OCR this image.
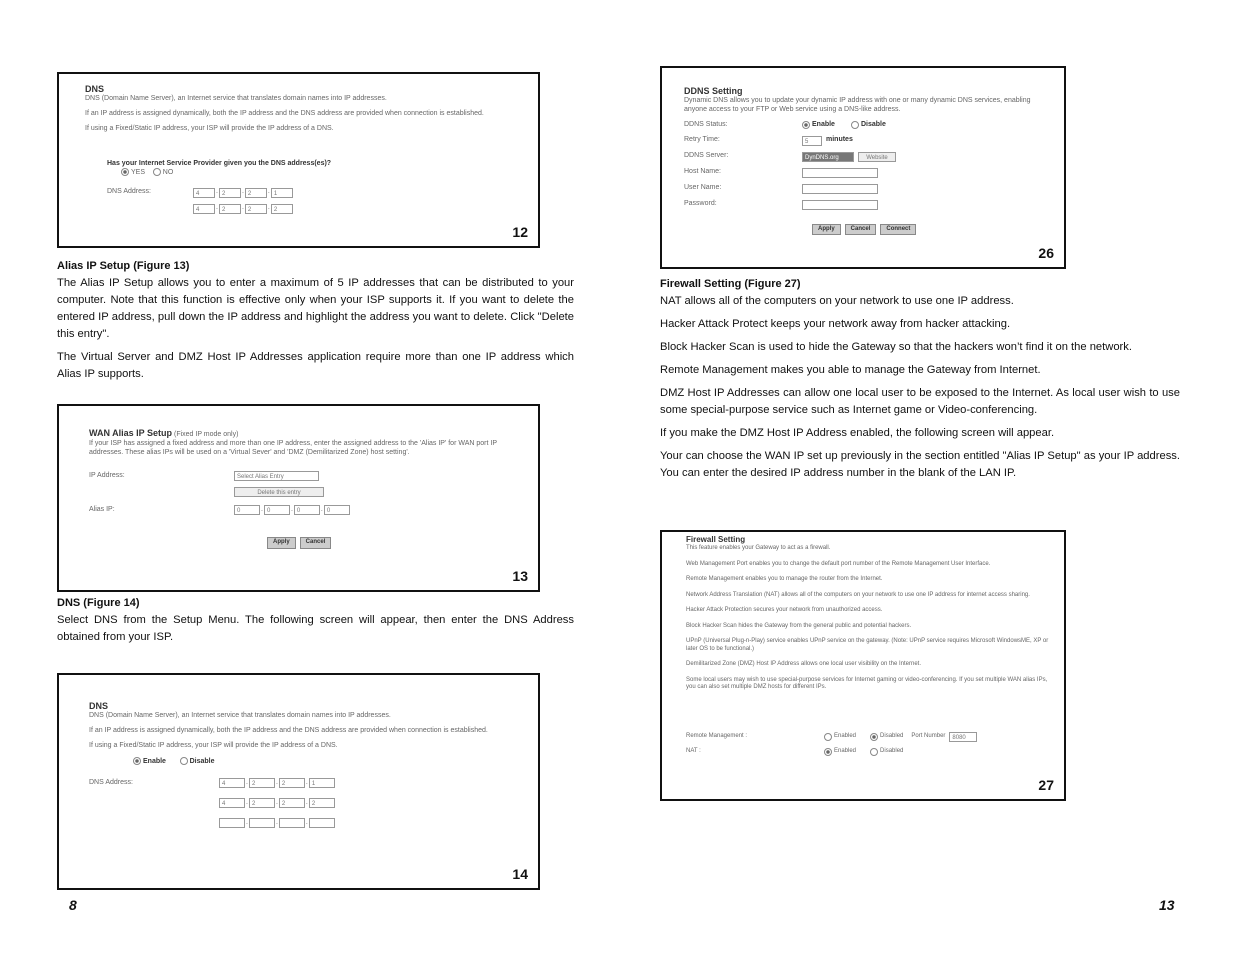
DNS

DNS (Domain Name Server), an Internet service that translates domain names into IP addresses.

If an IP address is assigned dynamically, both the IP address and the DNS address are provided when connection is established.

If using a Fixed/Static IP address, your ISP will provide the IP address of a DNS.

Has your Internet Service Provider given you the DNS address(es)?
YES	NO
DNS Address:	4	. 2	. 2	. 1
4	. 2	. 2	. 2
12
Alias IP Setup (Figure 13)

The Alias IP Setup allows you to enter a maximum of 5 IP addresses that can be distributed to your computer. Note that this function is effective only when your ISP supports it. If you want to delete the entered IP address, pull down the IP address and highlight the address you want to delete. Click "Delete this entry".

The Virtual Server and DMZ Host IP Addresses application require more than one IP address which Alias IP supports.

WAN Alias IP Setup (Fixed IP mode only)

If your ISP has assigned a fixed address and more than one IP address, enter the assigned address to the 'Alias IP' for WAN port IP addresses. These alias IPs will be used on a 'Virtual Sever' and 'DMZ (Demilitarized Zone) host setting'.

IP Address:	Select Alias Entry
Delete this entry
Alias IP:	0	. 0	. 0	. 0
Apply	Cancel
13
DNS (Figure 14)

Select DNS from the Setup Menu. The following screen will appear, then enter the DNS Address obtained from your ISP.

DNS

DNS (Domain Name Server), an Internet service that translates domain names into IP addresses.

If an IP address is assigned dynamically, both the IP address and the DNS address are provided when connection is established.

If using a Fixed/Static IP address, your ISP will provide the IP address of a DNS.

Enable	Disable
DNS Address:	4	. 2	. 2	. 1
4	. 2	. 2	. 2
.	.	.
14
8
DDNS Setting

Dynamic DNS allows you to update your dynamic IP address with one or many dynamic DNS services, enabling anyone access to your FTP or Web service using a DNS-like address.

DDNS Status:	Enable	Disable
Retry Time:	5	minutes
DDNS Server:	DynDNS.org	Website
Host Name:
User Name:
Password:
Apply	Cancel	Connect
26
Firewall Setting (Figure 27)

NAT allows all of the computers on your network to use one IP address.

Hacker Attack Protect keeps your network away from hacker attacking.

Block Hacker Scan is used to hide the Gateway so that the hackers won’t find it on the network.

Remote Management makes you able to manage the Gateway from Internet.

DMZ Host IP Addresses can allow one local user to be exposed to the Internet. As local user wish to use some special-purpose service such as Internet game or Video-conferencing.

If you make the DMZ Host IP Address enabled, the following screen will appear.

Your can choose the WAN IP set up previously in the section entitled "Alias IP Setup" as your IP address. You can enter the desired IP address number in the blank of the LAN IP.

Firewall Setting

This feature enables your Gateway to act as a firewall.

Web Management Port enables you to change the default port number of the Remote Management User Interface.

Remote Management enables you to manage the router from the Internet.

Network Address Translation (NAT) allows all of the computers on your network to use one IP address for internet access sharing.

Hacker Attack Protection secures your network from unauthorized access.

Block Hacker Scan hides the Gateway from the general public and potential hackers.

UPnP (Universal Plug-n-Play) service enables UPnP service on the gateway. (Note: UPnP service requires Microsoft WindowsME, XP or later OS to be functional.)

Demilitarized Zone (DMZ) Host IP Address allows one local user visibility on the Internet.

Some local users may wish to use special-purpose services for Internet gaming or video-conferencing. If you set multiple WAN alias IPs, you can also set multiple DMZ hosts for different IPs.

Remote Management :	Enabled	Disabled Port Number	8080
NAT :	Enabled	Disabled
27
13
